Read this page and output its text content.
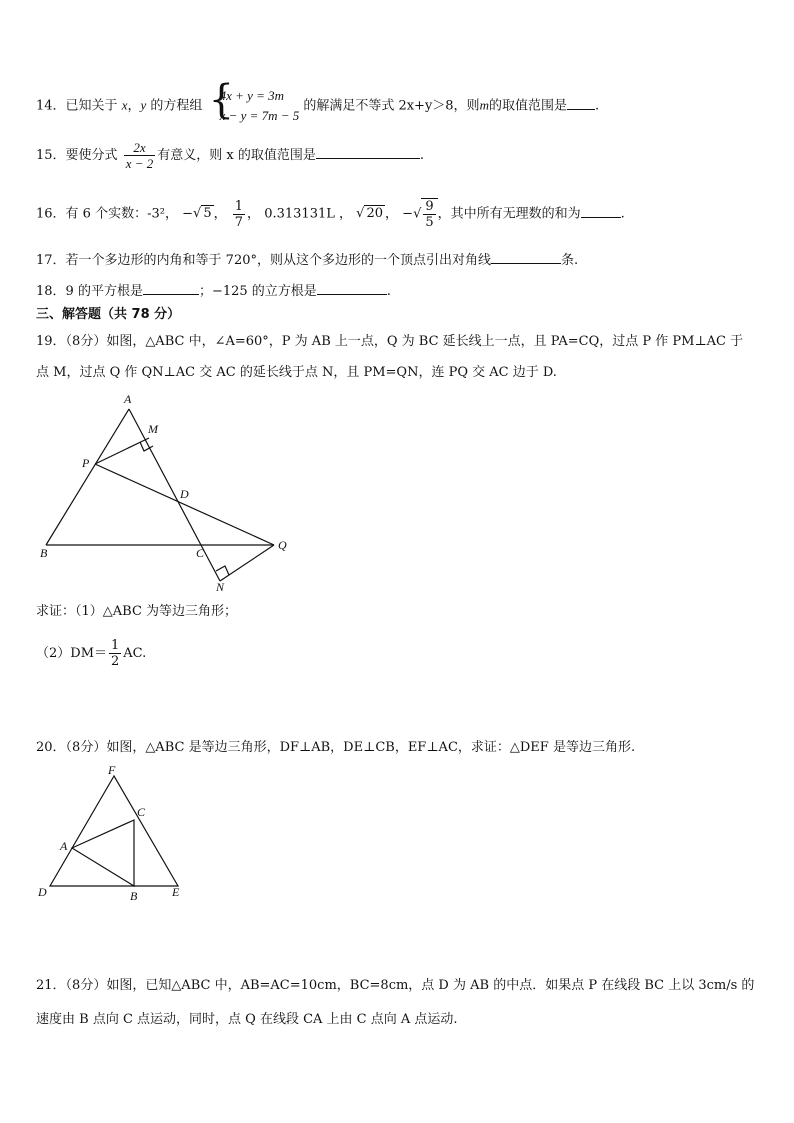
14．已知关于 x，y 的方程组 {
4x + y = 3m
x − y = 7m − 5
的解满足不等式 2x+y＞8，则m的取值范围是 .
15．要使分式 $\frac{2x}{x - 2}$ 有意义，则 x 的取值范围是	.
16．有 6 个实数：-3²， −√ 5 ， $\frac{1}{7}$ ， 0.313131L ， √ 20 ， −√ $\frac{9}{5}$ ，其中所有无理数的和为	.
17．若一个多边形的内角和等于 720°，则从这个多边形的一个顶点引出对角线	条.
18．9 的平方根是	；−125 的立方根是	.
三、解答题（共 78 分）
19．（8分）如图，△ABC 中，∠A=60°，P 为 AB 上一点，Q 为 BC 延长线上一点，且 PA=CQ，过点 P 作 PM⊥AC 于
点 M，过点 Q 作 QN⊥AC 交 AC 的延长线于点 N，且 PM=QN，连 PQ 交 AC 边于 D.
A
M
P
D
B	C
Q
N
求证：（1）△ABC 为等边三角形；
$(2)DM= \frac{1}{2}$ AC.
20．（8分）如图，△ABC 是等边三角形，DF⊥AB，DE⊥CB，EF⊥AC，求证：△DEF 是等边三角形.
F
C
A
D	B	E
21．（8分）如图，已知△ABC 中，AB=AC=10cm，BC=8cm，点 D 为 AB 的中点．如果点 P 在线段 BC 上以 3cm/s 的
速度由 B 点向 C 点运动，同时，点 Q 在线段 CA 上由 C 点向 A 点运动.
